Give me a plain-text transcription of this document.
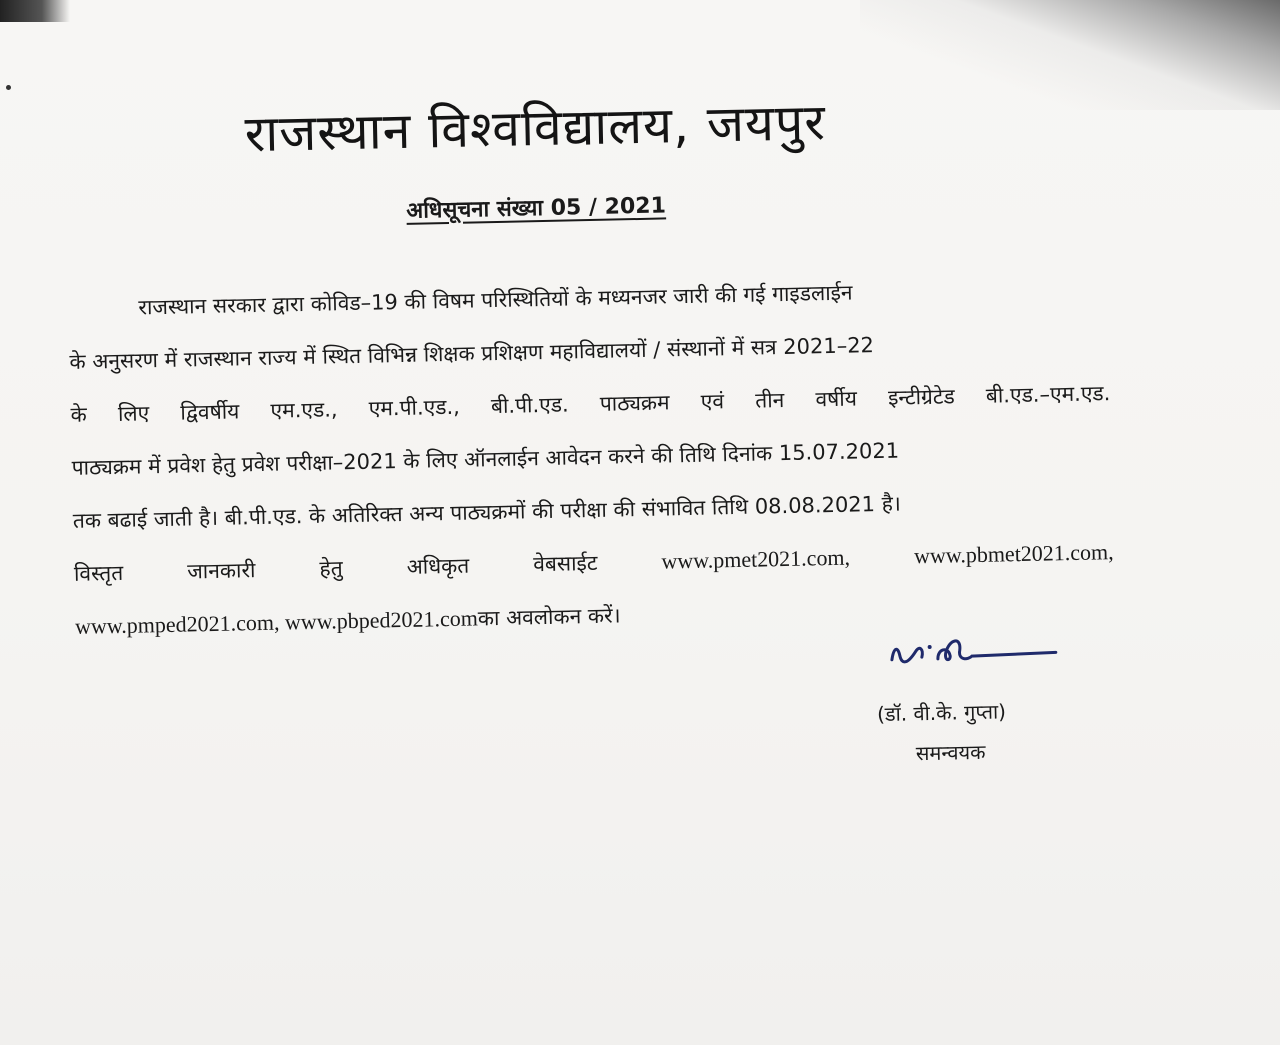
राजस्थान विश्वविद्यालय, जयपुर
अधिसूचना संख्या 05 / 2021
राजस्थान सरकार द्वारा कोविड–19 की विषम परिस्थितियों के मध्यनजर जारी की गई गाइडलाईन
के अनुसरण में राजस्थान राज्य में स्थित विभिन्न शिक्षक प्रशिक्षण महाविद्यालयों / संस्थानों में सत्र 2021–22
के लिए द्विवर्षीय एम.एड., एम.पी.एड., बी.पी.एड. पाठ्यक्रम एवं तीन वर्षीय इन्टीग्रेटेड बी.एड.–एम.एड.
पाठ्यक्रम में प्रवेश हेतु प्रवेश परीक्षा–2021 के लिए ऑनलाईन आवेदन करने की तिथि दिनांक 15.07.2021
तक बढाई जाती है। बी.पी.एड. के अतिरिक्त अन्य पाठ्यक्रमों की परीक्षा की संभावित तिथि 08.08.2021 है।
विस्तृत	जानकारी	हेतु	अधिकृत	वेबसाईट	www.pmet2021.com,	www.pbmet2021.com,
www.pmped2021.com, www.pbped2021.com का अवलोकन करें।
(डॉ. वी.के. गुप्ता)
समन्वयक
